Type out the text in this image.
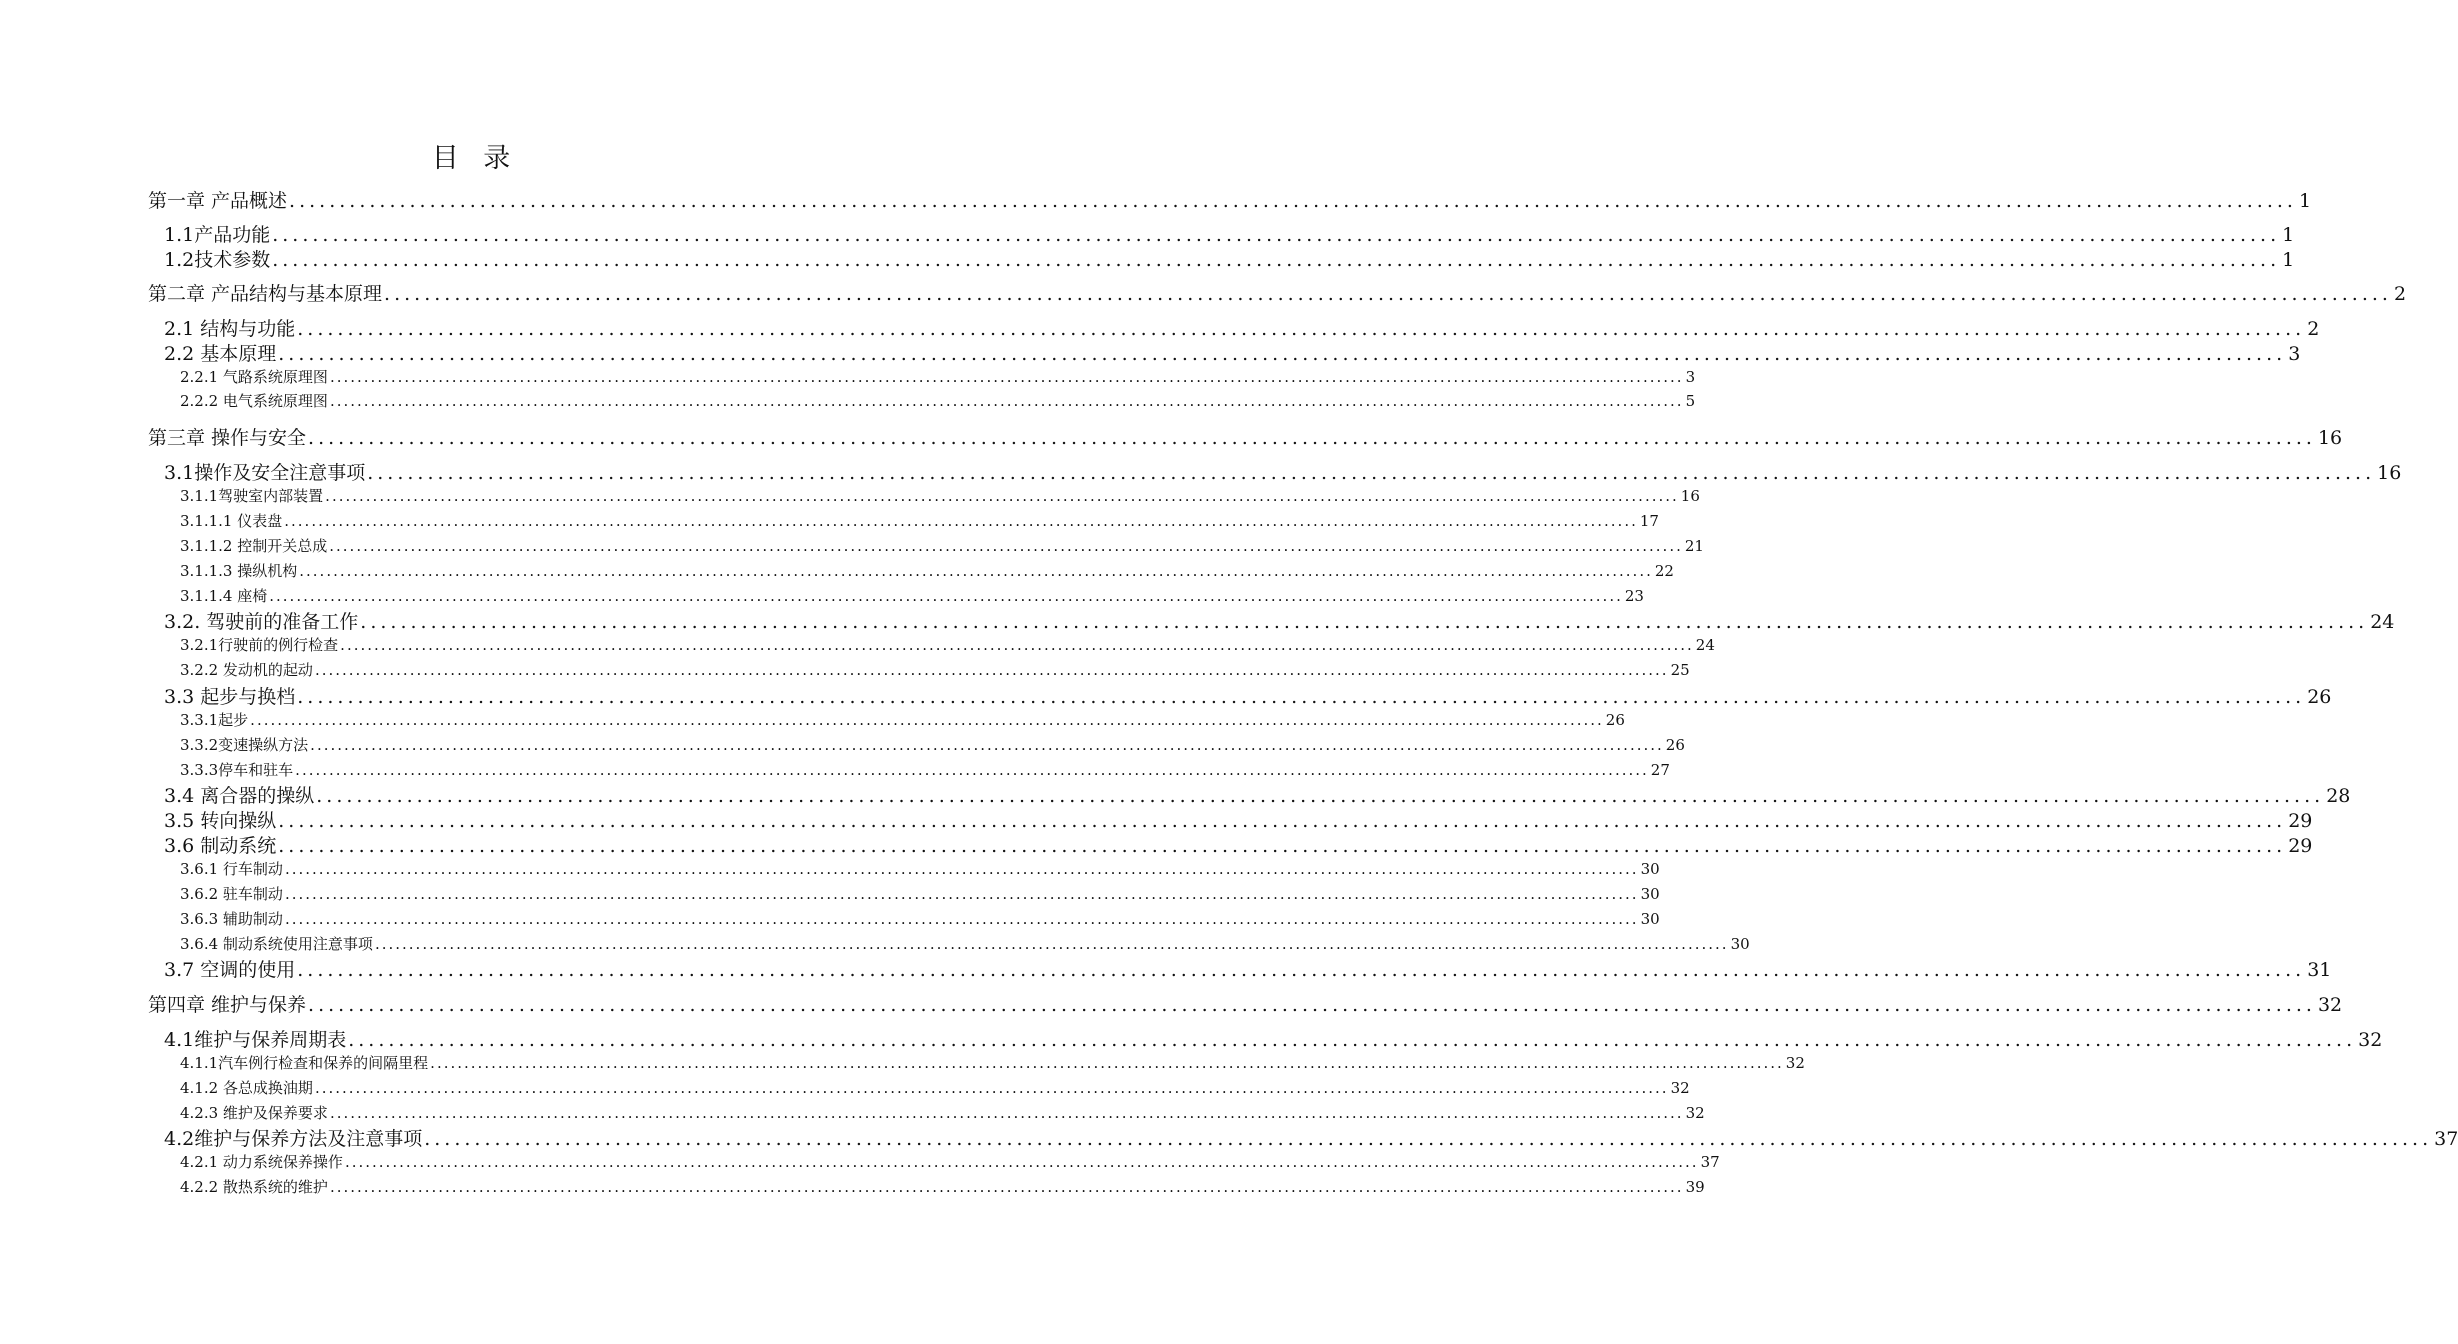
目 录
第一章 产品概述 ........................................................................................................................................................................................................ 1
1.1产品功能 ........................................................................................................................................................................................................ 1
1.2技术参数 ........................................................................................................................................................................................................ 1
第二章 产品结构与基本原理 ........................................................................................................................................................................................................ 2
2.1 结构与功能 ........................................................................................................................................................................................................ 2
2.2 基本原理 ........................................................................................................................................................................................................ 3
2.2.1 气路系统原理图 ........................................................................................................................................................................................................ 3
2.2.2 电气系统原理图 ........................................................................................................................................................................................................ 5
第三章 操作与安全 ........................................................................................................................................................................................................ 16
3.1操作及安全注意事项 ........................................................................................................................................................................................................ 16
3.1.1驾驶室内部装置 ........................................................................................................................................................................................................ 16
3.1.1.1 仪表盘 ........................................................................................................................................................................................................ 17
3.1.1.2 控制开关总成 ........................................................................................................................................................................................................ 21
3.1.1.3 操纵机构 ........................................................................................................................................................................................................ 22
3.1.1.4 座椅 ........................................................................................................................................................................................................ 23
3.2. 驾驶前的准备工作 ........................................................................................................................................................................................................ 24
3.2.1行驶前的例行检查 ........................................................................................................................................................................................................ 24
3.2.2 发动机的起动 ........................................................................................................................................................................................................ 25
3.3 起步与换档 ........................................................................................................................................................................................................ 26
3.3.1起步 ........................................................................................................................................................................................................ 26
3.3.2变速操纵方法 ........................................................................................................................................................................................................ 26
3.3.3停车和驻车 ........................................................................................................................................................................................................ 27
3.4 离合器的操纵 ........................................................................................................................................................................................................ 28
3.5 转向操纵 ........................................................................................................................................................................................................ 29
3.6 制动系统 ........................................................................................................................................................................................................ 29
3.6.1 行车制动 ........................................................................................................................................................................................................ 30
3.6.2 驻车制动 ........................................................................................................................................................................................................ 30
3.6.3 辅助制动 ........................................................................................................................................................................................................ 30
3.6.4 制动系统使用注意事项 ........................................................................................................................................................................................................ 30
3.7 空调的使用 ........................................................................................................................................................................................................ 31
第四章 维护与保养 ........................................................................................................................................................................................................ 32
4.1维护与保养周期表 ........................................................................................................................................................................................................ 32
4.1.1汽车例行检查和保养的间隔里程 ........................................................................................................................................................................................................ 32
4.1.2 各总成换油期 ........................................................................................................................................................................................................ 32
4.2.3 维护及保养要求 ........................................................................................................................................................................................................ 32
4.2维护与保养方法及注意事项 ........................................................................................................................................................................................................ 37
4.2.1 动力系统保养操作 ........................................................................................................................................................................................................ 37
4.2.2 散热系统的维护 ........................................................................................................................................................................................................ 39
